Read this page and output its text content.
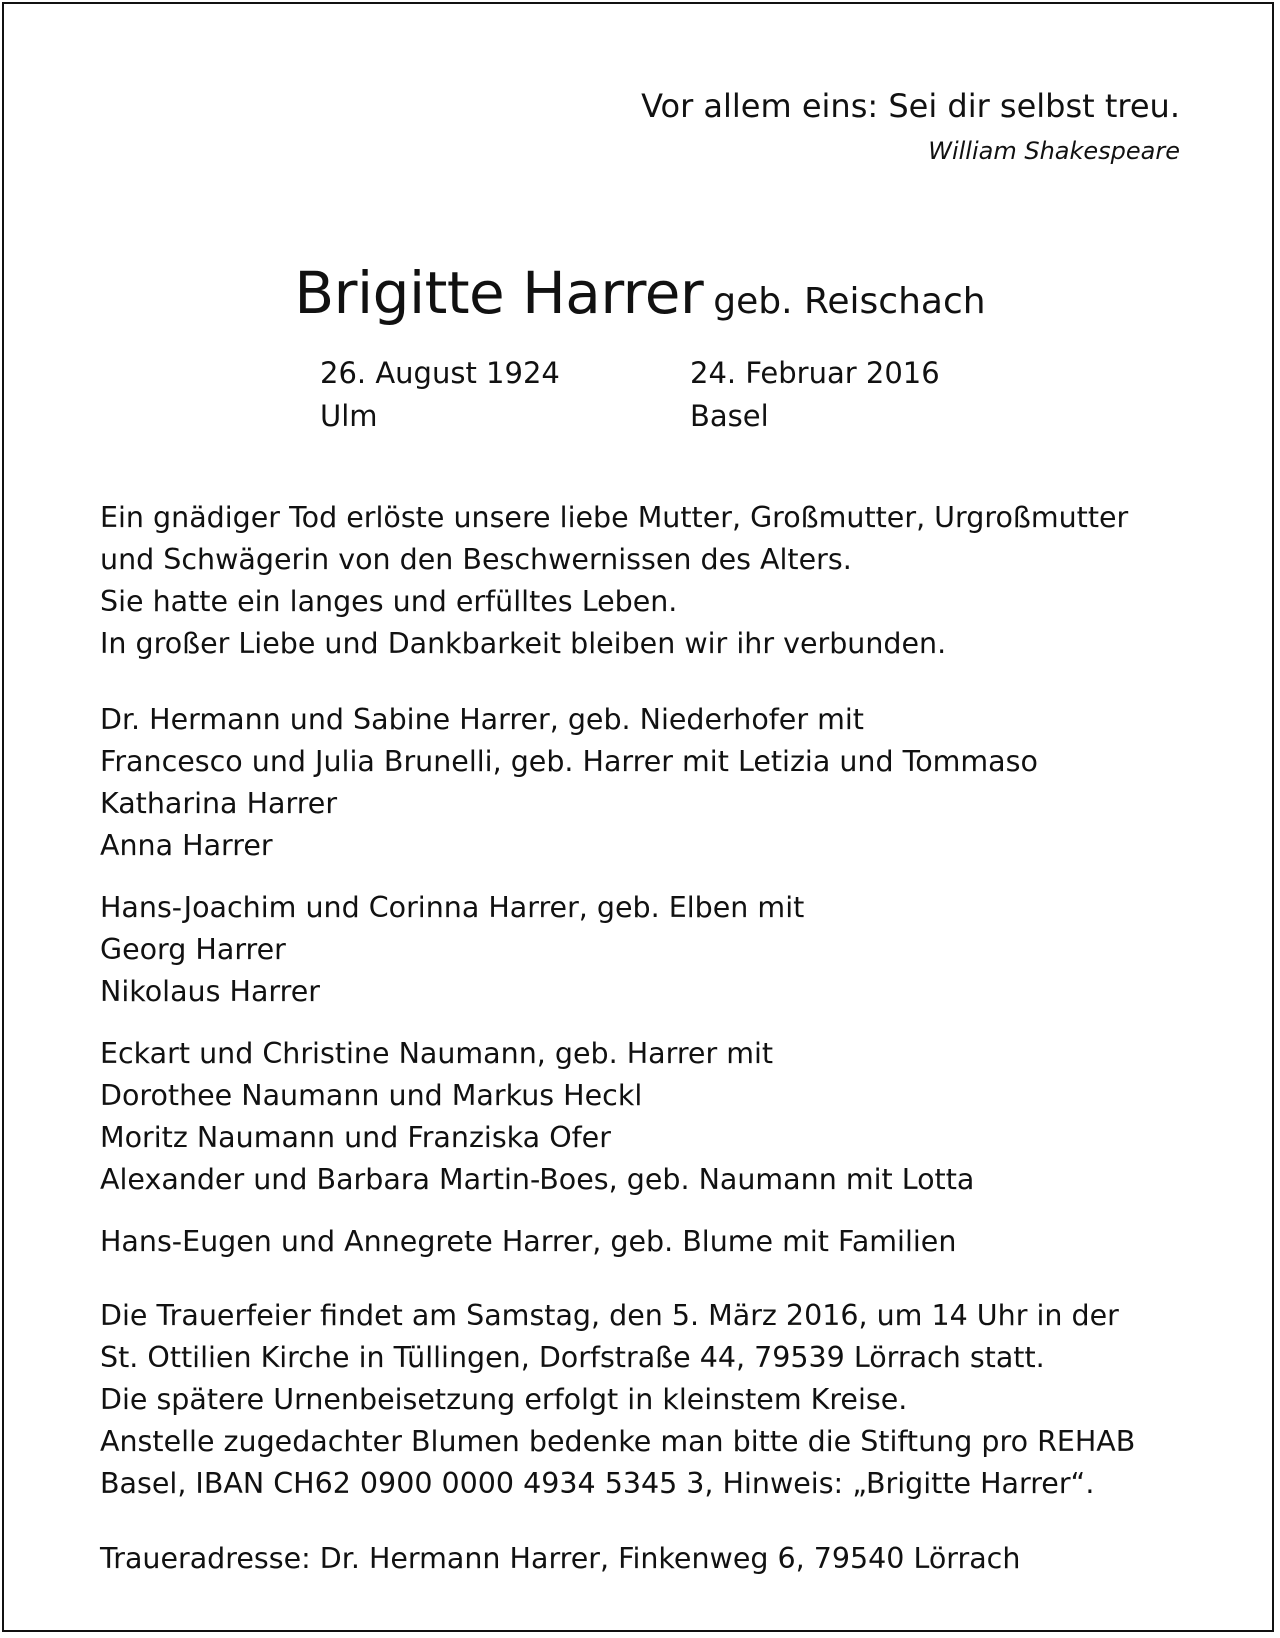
Vor allem eins: Sei dir selbst treu.
William Shakespeare
Brigitte Harrer geb. Reischach
26. August 1924
Ulm
24. Februar 2016
Basel
Ein gnädiger Tod erlöste unsere liebe Mutter, Großmutter, Urgroßmutter
und Schwägerin von den Beschwernissen des Alters.
Sie hatte ein langes und erfülltes Leben.
In großer Liebe und Dankbarkeit bleiben wir ihr verbunden.
Dr. Hermann und Sabine Harrer, geb. Niederhofer mit
Francesco und Julia Brunelli, geb. Harrer mit Letizia und Tommaso
Katharina Harrer
Anna Harrer
Hans-Joachim und Corinna Harrer, geb. Elben mit
Georg Harrer
Nikolaus Harrer
Eckart und Christine Naumann, geb. Harrer mit
Dorothee Naumann und Markus Heckl
Moritz Naumann und Franziska Ofer
Alexander und Barbara Martin-Boes, geb. Naumann mit Lotta
Hans-Eugen und Annegrete Harrer, geb. Blume mit Familien
Die Trauerfeier findet am Samstag, den 5. März 2016, um 14 Uhr in der
St. Ottilien Kirche in Tüllingen, Dorfstraße 44, 79539 Lörrach statt.
Die spätere Urnenbeisetzung erfolgt in kleinstem Kreise.
Anstelle zugedachter Blumen bedenke man bitte die Stiftung pro REHAB
Basel, IBAN CH62 0900 0000 4934 5345 3, Hinweis: „Brigitte Harrer“.
Traueradresse: Dr. Hermann Harrer, Finkenweg 6, 79540 Lörrach
